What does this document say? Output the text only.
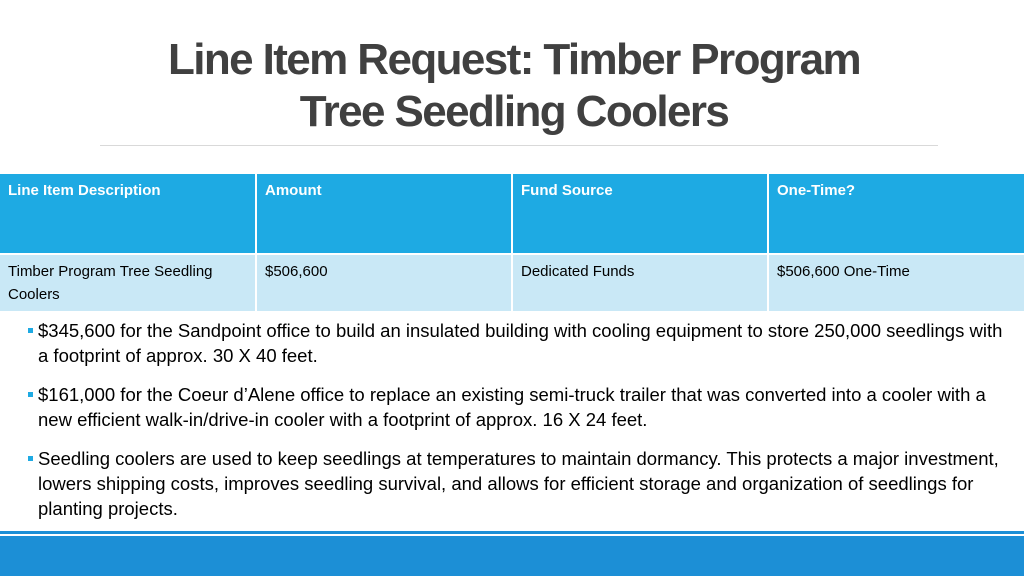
Line Item Request: Timber Program
Tree Seedling Coolers
Line Item Description	Amount	Fund Source	One-Time?
Timber Program Tree Seedling Coolers	$506,600	Dedicated Funds	$506,600 One-Time
$345,600 for the Sandpoint office to build an insulated building with cooling equipment to store 250,000 seedlings with a footprint of approx. 30 X 40 feet.
$161,000 for the Coeur d’Alene office to replace an existing semi-truck trailer that was converted into a cooler with a new efficient walk-in/drive-in cooler with a footprint of approx. 16 X 24 feet.
Seedling coolers are used to keep seedlings at temperatures to maintain dormancy. This protects a major investment, lowers shipping costs, improves seedling survival, and allows for efficient storage and organization of seedlings for planting projects.
